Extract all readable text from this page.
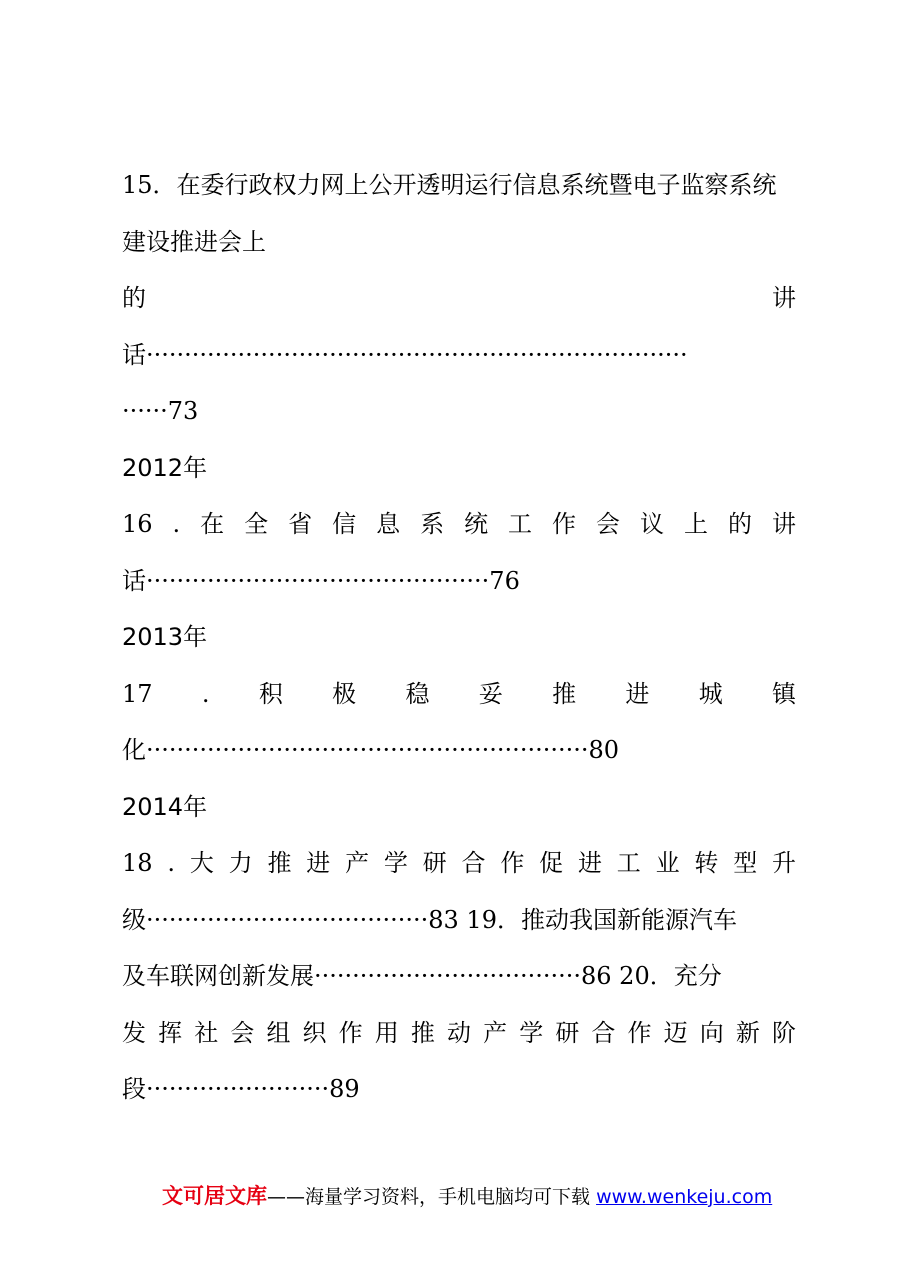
15．在委行政权力网上公开透明运行信息系统暨电子监察系统
建设推进会上
的	讲
话·······································································
······73
2012年
16 . 在 全 省 信 息 系 统 工 作 会 议 上 的 讲
话·············································76
2013年
17 . 积 极 稳 妥 推 进 城 镇
化··························································80
2014年
18 . 大 力 推 进 产 学 研 合 作 促 进 工 业 转 型 升
级·····································83 19．推动我国新能源汽车
及车联网创新发展···································86 20．充分
发 挥 社 会 组 织 作 用 推 动 产 学 研 合 作 迈 向 新 阶
段························89
文可居文库——海量学习资料，手机电脑均可下载 www.wenkeju.com
